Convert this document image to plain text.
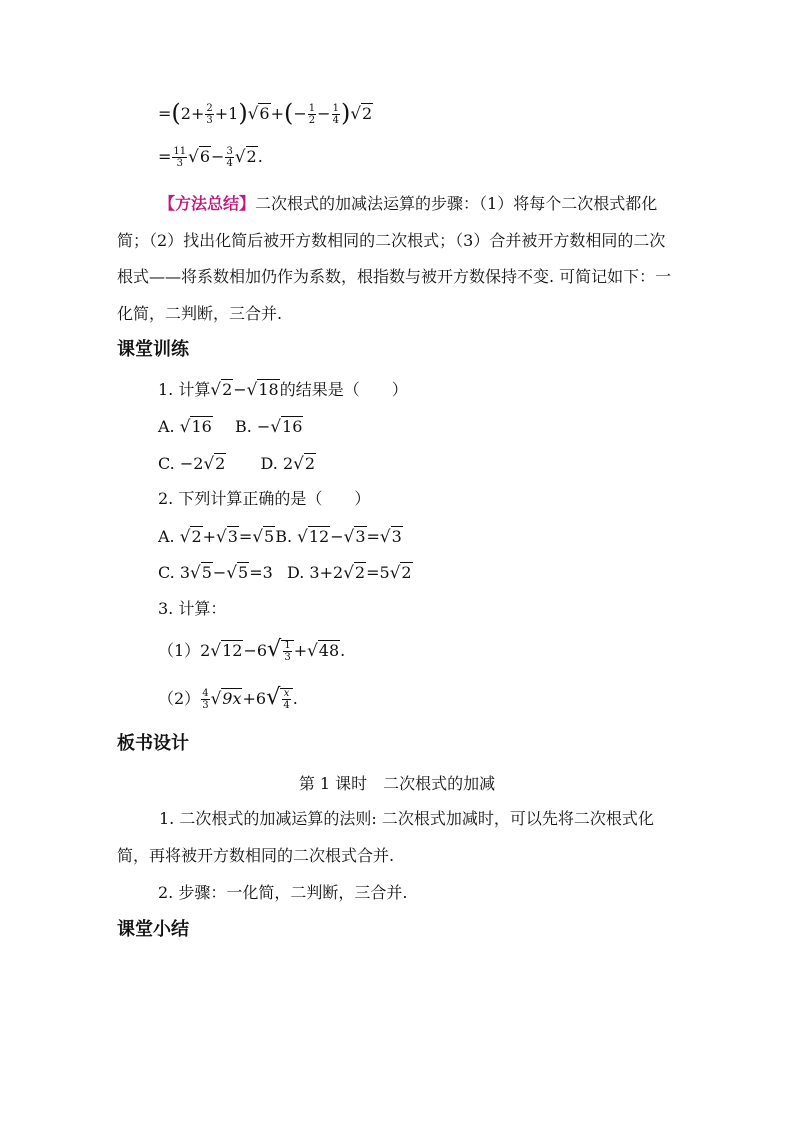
$=(2+ \frac{2}{3} +1)√6+(- \frac{1}{2} - \frac{1}{4} )√2$
= $\frac{11}{3} √6- \frac{3}{4} √2$.
【方法总结】二次根式的加减法运算的步骤：（1）将每个二次根式都化简；（2）找出化简后被开方数相同的二次根式；（3）合并被开方数相同的二次根式——将系数相加仍作为系数，根指数与被开方数保持不变. 可简记如下：一化简，二判断，三合并.
课堂训练
1. 计算√2−√18的结果是（　　）
A. √16 B. −√16
C. −2√2 D. 2√2
2. 下列计算正确的是（　　）
A. √2+√3=√5B. √12−√3=√3
C. 3√5−√5=3 D. 3+2√2=5√2
3. 计算：
$(1)2√12-6√ \frac{1}{3} +√48$.
$(2) \frac{4}{3} √9x+6√ \frac{x}{4}$ .
板书设计
第 1 课时　二次根式的加减
1. 二次根式的加减运算的法则: 二次根式加减时，可以先将二次根式化简，再将被开方数相同的二次根式合并.
2. 步骤：一化简，二判断，三合并.
课堂小结
